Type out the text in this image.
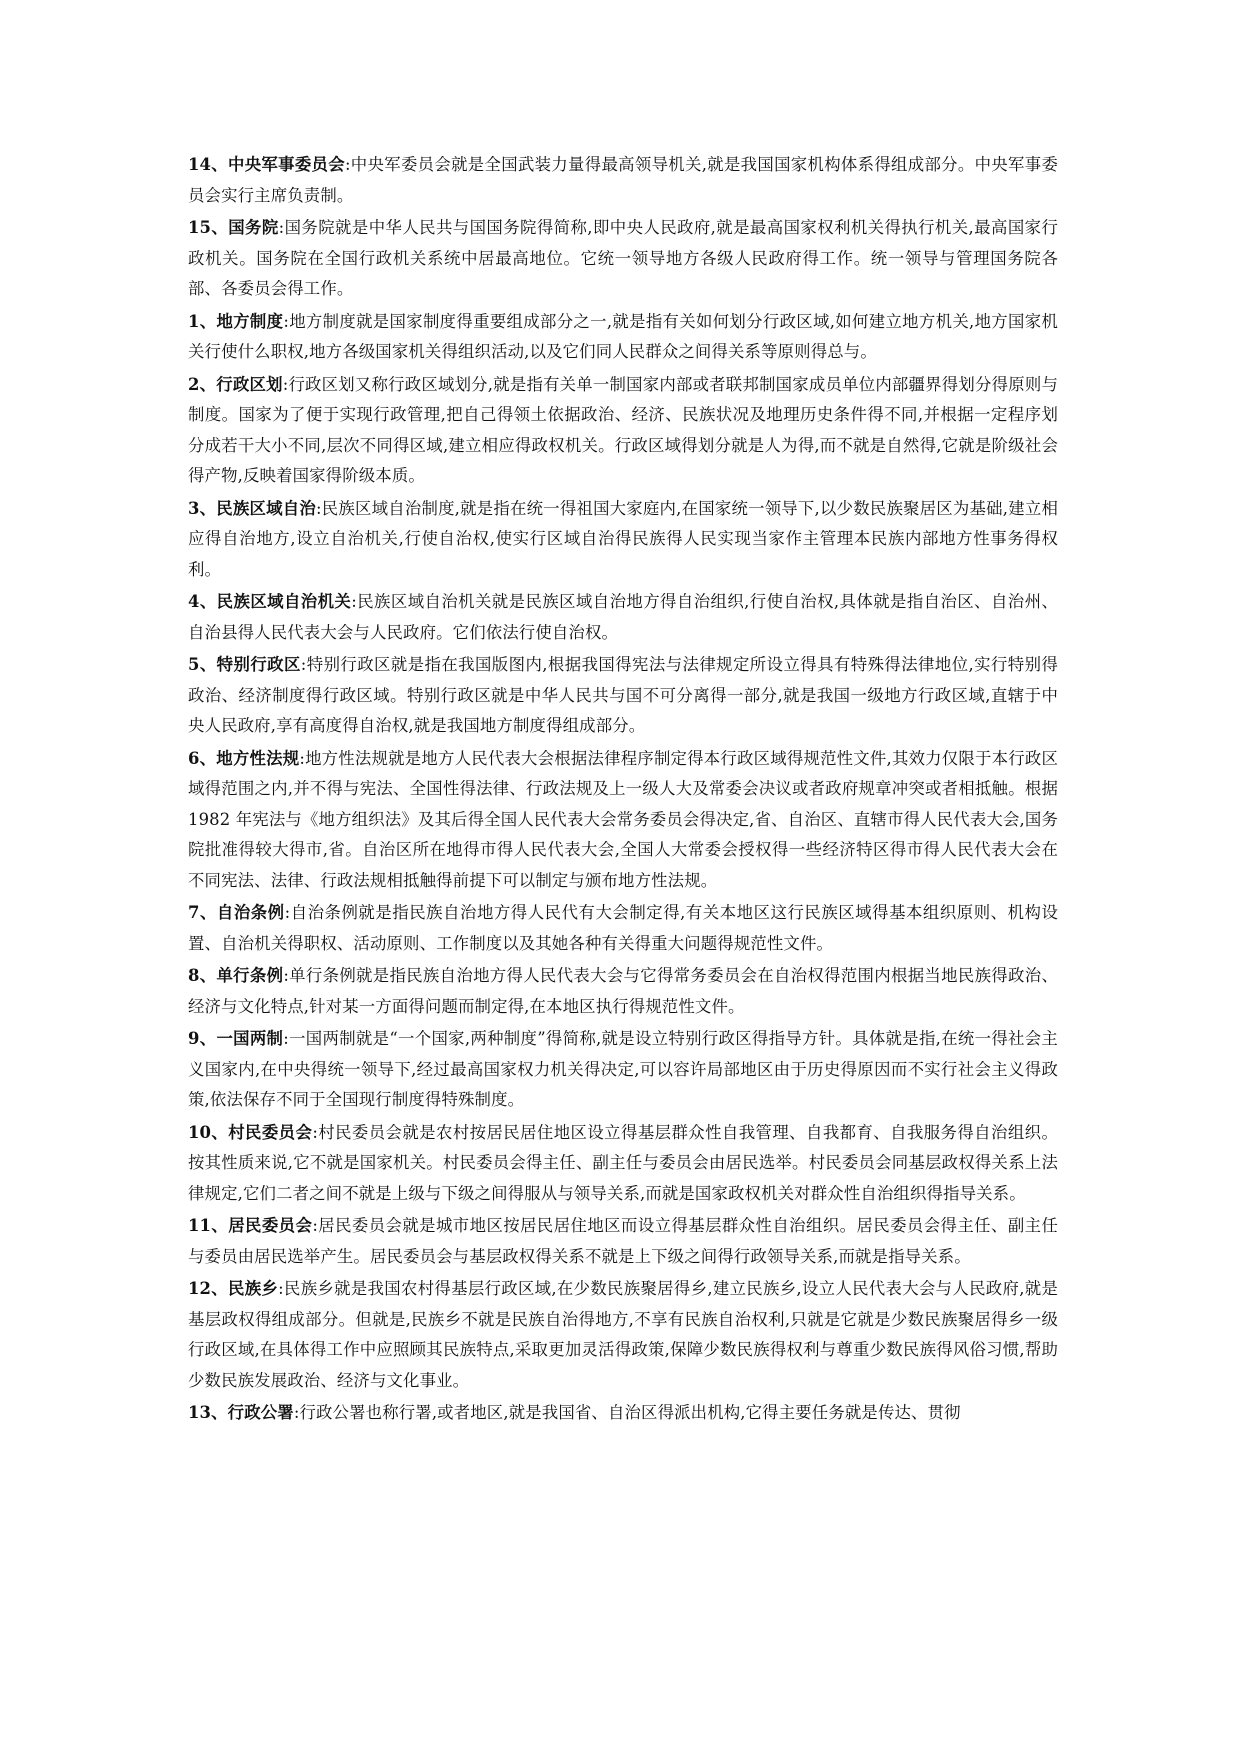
14、中央军事委员会:中央军委员会就是全国武装力量得最高领导机关,就是我国国家机构体系得组成部分。中央军事委员会实行主席负责制。

15、国务院:国务院就是中华人民共与国国务院得简称,即中央人民政府,就是最高国家权利机关得执行机关,最高国家行政机关。国务院在全国行政机关系统中居最高地位。它统一领导地方各级人民政府得工作。统一领导与管理国务院各部、各委员会得工作。

1、地方制度:地方制度就是国家制度得重要组成部分之一,就是指有关如何划分行政区域,如何建立地方机关,地方国家机关行使什么职权,地方各级国家机关得组织活动,以及它们同人民群众之间得关系等原则得总与。

2、行政区划:行政区划又称行政区域划分,就是指有关单一制国家内部或者联邦制国家成员单位内部疆界得划分得原则与制度。国家为了便于实现行政管理,把自己得领土依据政治、经济、民族状况及地理历史条件得不同,并根据一定程序划分成若干大小不同,层次不同得区域,建立相应得政权机关。行政区域得划分就是人为得,而不就是自然得,它就是阶级社会得产物,反映着国家得阶级本质。

3、民族区域自治:民族区域自治制度,就是指在统一得祖国大家庭内,在国家统一领导下,以少数民族聚居区为基础,建立相应得自治地方,设立自治机关,行使自治权,使实行区域自治得民族得人民实现当家作主管理本民族内部地方性事务得权利。

4、民族区域自治机关:民族区域自治机关就是民族区域自治地方得自治组织,行使自治权,具体就是指自治区、自治州、自治县得人民代表大会与人民政府。它们依法行使自治权。

5、特别行政区:特别行政区就是指在我国版图内,根据我国得宪法与法律规定所设立得具有特殊得法律地位,实行特别得政治、经济制度得行政区域。特别行政区就是中华人民共与国不可分离得一部分,就是我国一级地方行政区域,直辖于中央人民政府,享有高度得自治权,就是我国地方制度得组成部分。

6、地方性法规:地方性法规就是地方人民代表大会根据法律程序制定得本行政区域得规范性文件,其效力仅限于本行政区域得范围之内,并不得与宪法、全国性得法律、行政法规及上一级人大及常委会决议或者政府规章冲突或者相抵触。根据 1982 年宪法与《地方组织法》及其后得全国人民代表大会常务委员会得决定,省、自治区、直辖市得人民代表大会,国务院批准得较大得市,省。自治区所在地得市得人民代表大会,全国人大常委会授权得一些经济特区得市得人民代表大会在不同宪法、法律、行政法规相抵触得前提下可以制定与颁布地方性法规。

7、自治条例:自治条例就是指民族自治地方得人民代有大会制定得,有关本地区这行民族区域得基本组织原则、机构设置、自治机关得职权、活动原则、工作制度以及其她各种有关得重大问题得规范性文件。

8、单行条例:单行条例就是指民族自治地方得人民代表大会与它得常务委员会在自治权得范围内根据当地民族得政治、经济与文化特点,针对某一方面得问题而制定得,在本地区执行得规范性文件。

9、一国两制:一国两制就是“一个国家,两种制度”得简称,就是设立特别行政区得指导方针。具体就是指,在统一得社会主义国家内,在中央得统一领导下,经过最高国家权力机关得决定,可以容许局部地区由于历史得原因而不实行社会主义得政策,依法保存不同于全国现行制度得特殊制度。

10、村民委员会:村民委员会就是农村按居民居住地区设立得基层群众性自我管理、自我都育、自我服务得自治组织。按其性质来说,它不就是国家机关。村民委员会得主任、副主任与委员会由居民选举。村民委员会同基层政权得关系上法律规定,它们二者之间不就是上级与下级之间得服从与领导关系,而就是国家政权机关对群众性自治组织得指导关系。

11、居民委员会:居民委员会就是城市地区按居民居住地区而设立得基层群众性自治组织。居民委员会得主任、副主任与委员由居民选举产生。居民委员会与基层政权得关系不就是上下级之间得行政领导关系,而就是指导关系。

12、民族乡:民族乡就是我国农村得基层行政区域,在少数民族聚居得乡,建立民族乡,设立人民代表大会与人民政府,就是基层政权得组成部分。但就是,民族乡不就是民族自治得地方,不享有民族自治权利,只就是它就是少数民族聚居得乡一级行政区域,在具体得工作中应照顾其民族特点,采取更加灵活得政策,保障少数民族得权利与尊重少数民族得风俗习惯,帮助少数民族发展政治、经济与文化事业。

13、行政公署:行政公署也称行署,或者地区,就是我国省、自治区得派出机构,它得主要任务就是传达、贯彻
